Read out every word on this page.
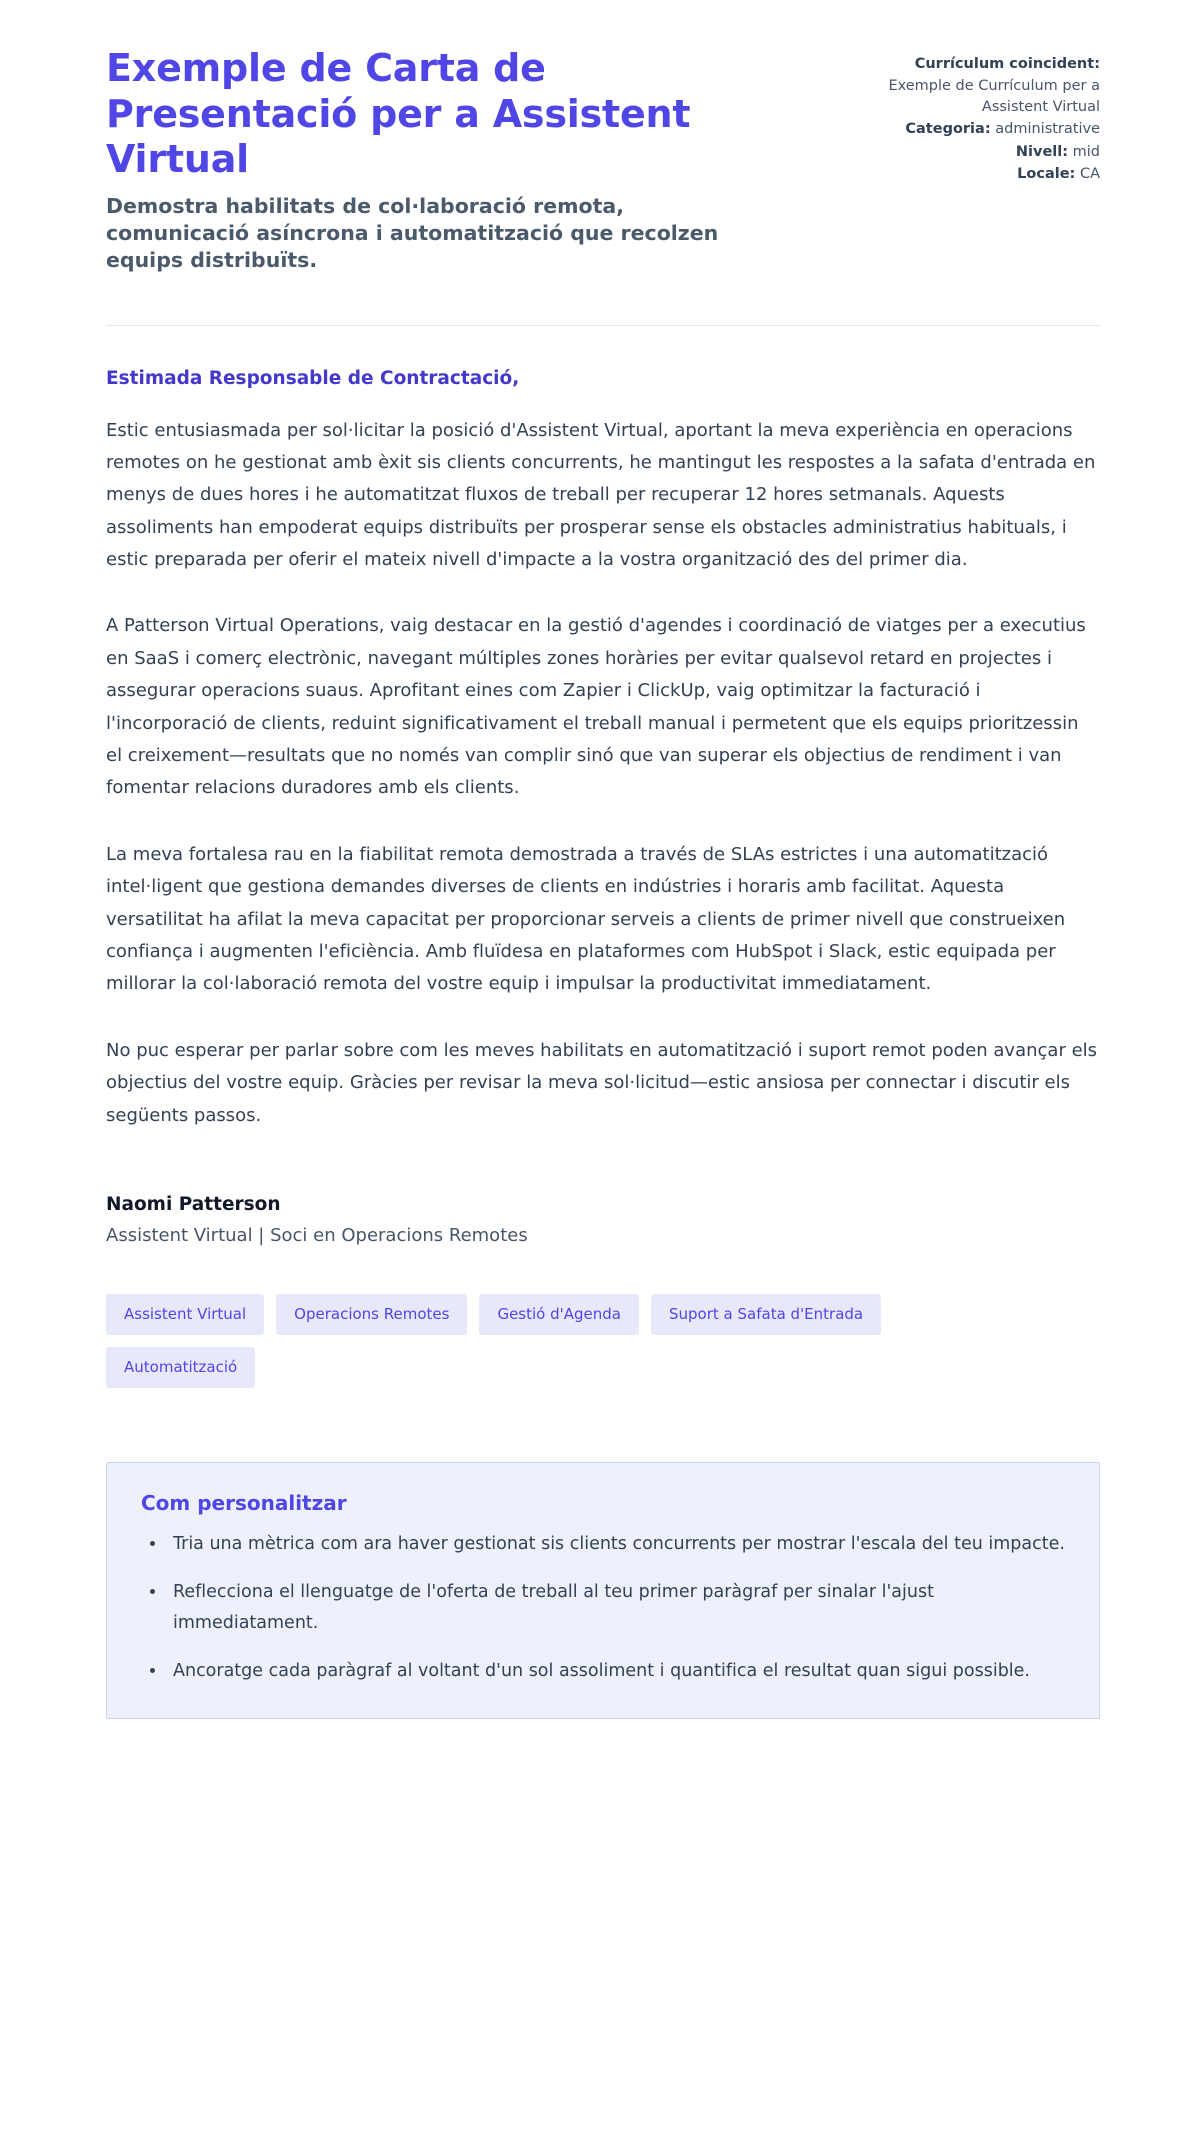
Exemple de Carta de Presentació per a Assistent Virtual

Demostra habilitats de col·laboració remota, comunicació asíncrona i automatització que recolzen equips distribuïts.

Currículum coincident:

Exemple de Currículum per a Assistent Virtual

Categoria: administrative

Nivell: mid

Locale: CA

Estimada Responsable de Contractació,

Estic entusiasmada per sol·licitar la posició d'Assistent Virtual, aportant la meva experiència en operacions remotes on he gestionat amb èxit sis clients concurrents, he mantingut les respostes a la safata d'entrada en menys de dues hores i he automatitzat fluxos de treball per recuperar 12 hores setmanals. Aquests assoliments han empoderat equips distribuïts per prosperar sense els obstacles administratius habituals, i estic preparada per oferir el mateix nivell d'impacte a la vostra organització des del primer dia.

A Patterson Virtual Operations, vaig destacar en la gestió d'agendes i coordinació de viatges per a executius en SaaS i comerç electrònic, navegant múltiples zones horàries per evitar qualsevol retard en projectes i assegurar operacions suaus. Aprofitant eines com Zapier i ClickUp, vaig optimitzar la facturació i l'incorporació de clients, reduint significativament el treball manual i permetent que els equips prioritzessin el creixement—resultats que no només van complir sinó que van superar els objectius de rendiment i van fomentar relacions duradores amb els clients.

La meva fortalesa rau en la fiabilitat remota demostrada a través de SLAs estrictes i una automatització intel·ligent que gestiona demandes diverses de clients en indústries i horaris amb facilitat. Aquesta versatilitat ha afilat la meva capacitat per proporcionar serveis a clients de primer nivell que construeixen confiança i augmenten l'eficiència. Amb fluïdesa en plataformes com HubSpot i Slack, estic equipada per millorar la col·laboració remota del vostre equip i impulsar la productivitat immediatament.

No puc esperar per parlar sobre com les meves habilitats en automatització i suport remot poden avançar els objectius del vostre equip. Gràcies per revisar la meva sol·licitud—estic ansiosa per connectar i discutir els següents passos.

Naomi Patterson

Assistent Virtual | Soci en Operacions Remotes

Assistent Virtual	Operacions Remotes	Gestió d'Agenda	Suport a Safata d'Entrada
Automatització

Com personalitzar

• Tria una mètrica com ara haver gestionat sis clients concurrents per mostrar l'escala del teu impacte.
• Reflecciona el llenguatge de l'oferta de treball al teu primer paràgraf per sinalar l'ajust immediatament.
• Ancoratge cada paràgraf al voltant d'un sol assoliment i quantifica el resultat quan sigui possible.
